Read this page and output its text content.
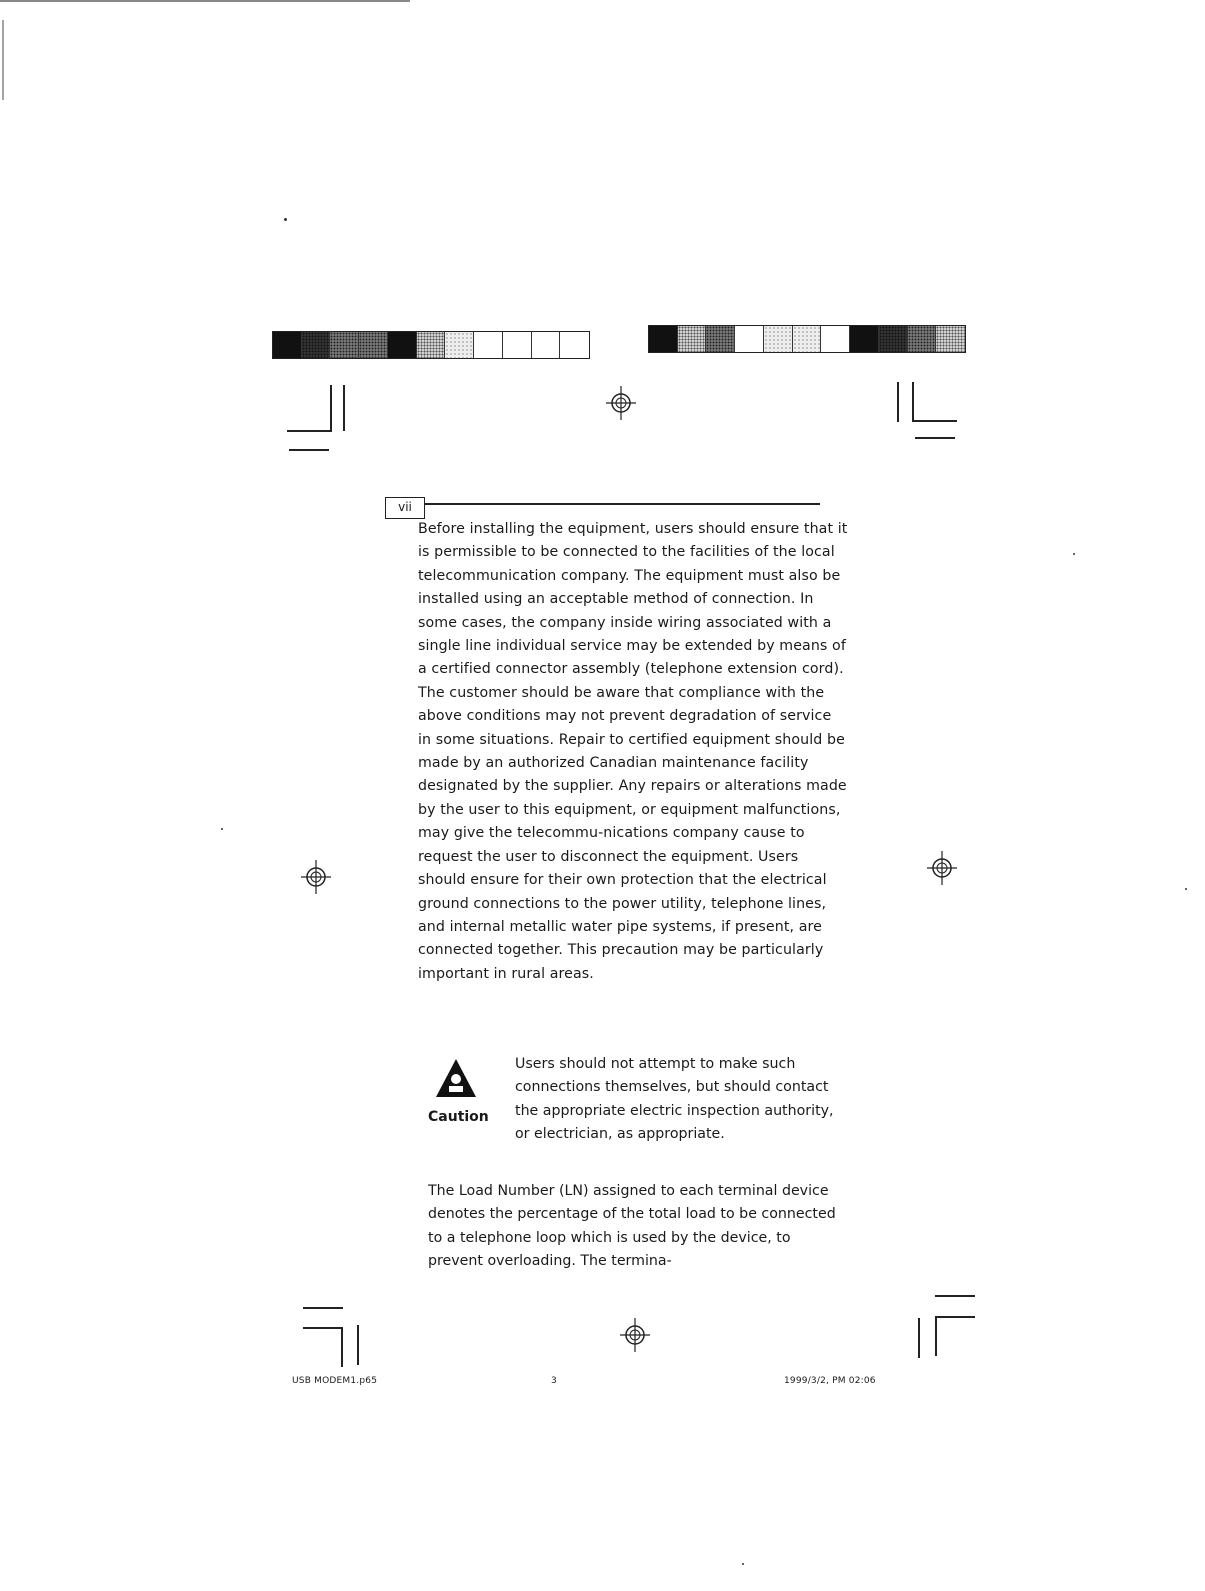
vii

Before installing the equipment, users should ensure that it is permissible to be connected to the facilities of the local telecommunication company. The equipment must also be installed using an acceptable method of connection. In some cases, the company inside wiring associated with a single line individual service may be extended by means of a certified connector assembly (telephone extension cord). The customer should be aware that compliance with the above conditions may not prevent degradation of service in some situations. Repair to certified equipment should be made by an authorized Canadian maintenance facility designated by the supplier. Any repairs or alterations made by the user to this equipment, or equipment malfunctions, may give the telecommu-nications company cause to request the user to disconnect the equipment. Users should ensure for their own protection that the electrical ground connections to the power utility, telephone lines, and internal metallic water pipe systems, if present, are connected together. This precaution may be particularly important in rural areas.

Caution

Users should not attempt to make such connections themselves, but should contact the appropriate electric inspection authority, or electrician, as appropriate.

The Load Number (LN) assigned to each terminal device denotes the percentage of the total load to be connected to a telephone loop which is used by the device, to prevent overloading. The termina-

USB MODEM1.p65	3	1999/3/2, PM 02:06
